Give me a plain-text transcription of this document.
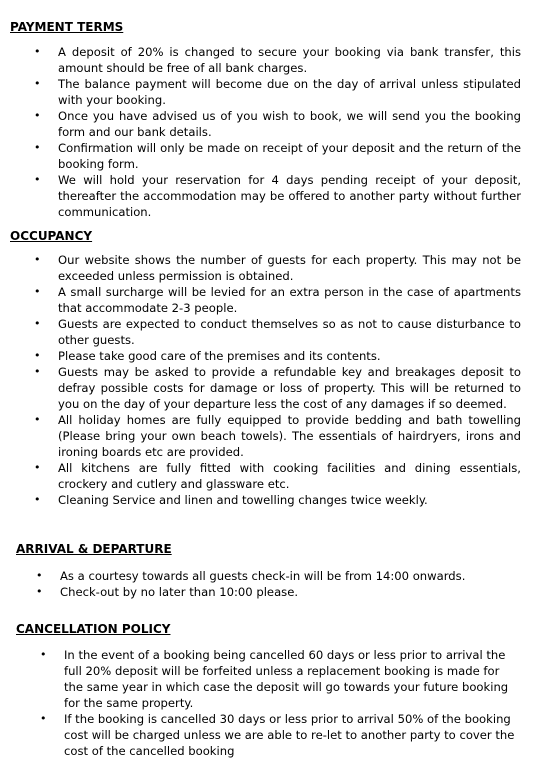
PAYMENT TERMS

• A deposit of 20% is changed to secure your booking via bank transfer, this amount should be free of all bank charges.
• The balance payment will become due on the day of arrival unless stipulated with your booking.
• Once you have advised us of you wish to book, we will send you the booking form and our bank details.
• Confirmation will only be made on receipt of your deposit and the return of the booking form.
• We will hold your reservation for 4 days pending receipt of your deposit, thereafter the accommodation may be offered to another party without further communication.

OCCUPANCY

• Our website shows the number of guests for each property. This may not be exceeded unless permission is obtained.
• A small surcharge will be levied for an extra person in the case of apartments that accommodate 2-3 people.
• Guests are expected to conduct themselves so as not to cause disturbance to other guests.
• Please take good care of the premises and its contents.
• Guests may be asked to provide a refundable key and breakages deposit to defray possible costs for damage or loss of property. This will be returned to you on the day of your departure less the cost of any damages if so deemed.
• All holiday homes are fully equipped to provide bedding and bath towelling (Please bring your own beach towels). The essentials of hairdryers, irons and ironing boards etc are provided.
• All kitchens are fully fitted with cooking facilities and dining essentials, crockery and cutlery and glassware etc.
• Cleaning Service and linen and towelling changes twice weekly.

ARRIVAL & DEPARTURE

• As a courtesy towards all guests check-in will be from 14:00 onwards.
• Check-out by no later than 10:00 please.

CANCELLATION POLICY

• In the event of a booking being cancelled 60 days or less prior to arrival the full 20% deposit will be forfeited unless a replacement booking is made for the same year in which case the deposit will go towards your future booking for the same property.
• If the booking is cancelled 30 days or less prior to arrival 50% of the booking cost will be charged unless we are able to re-let to another party to cover the cost of the cancelled booking
